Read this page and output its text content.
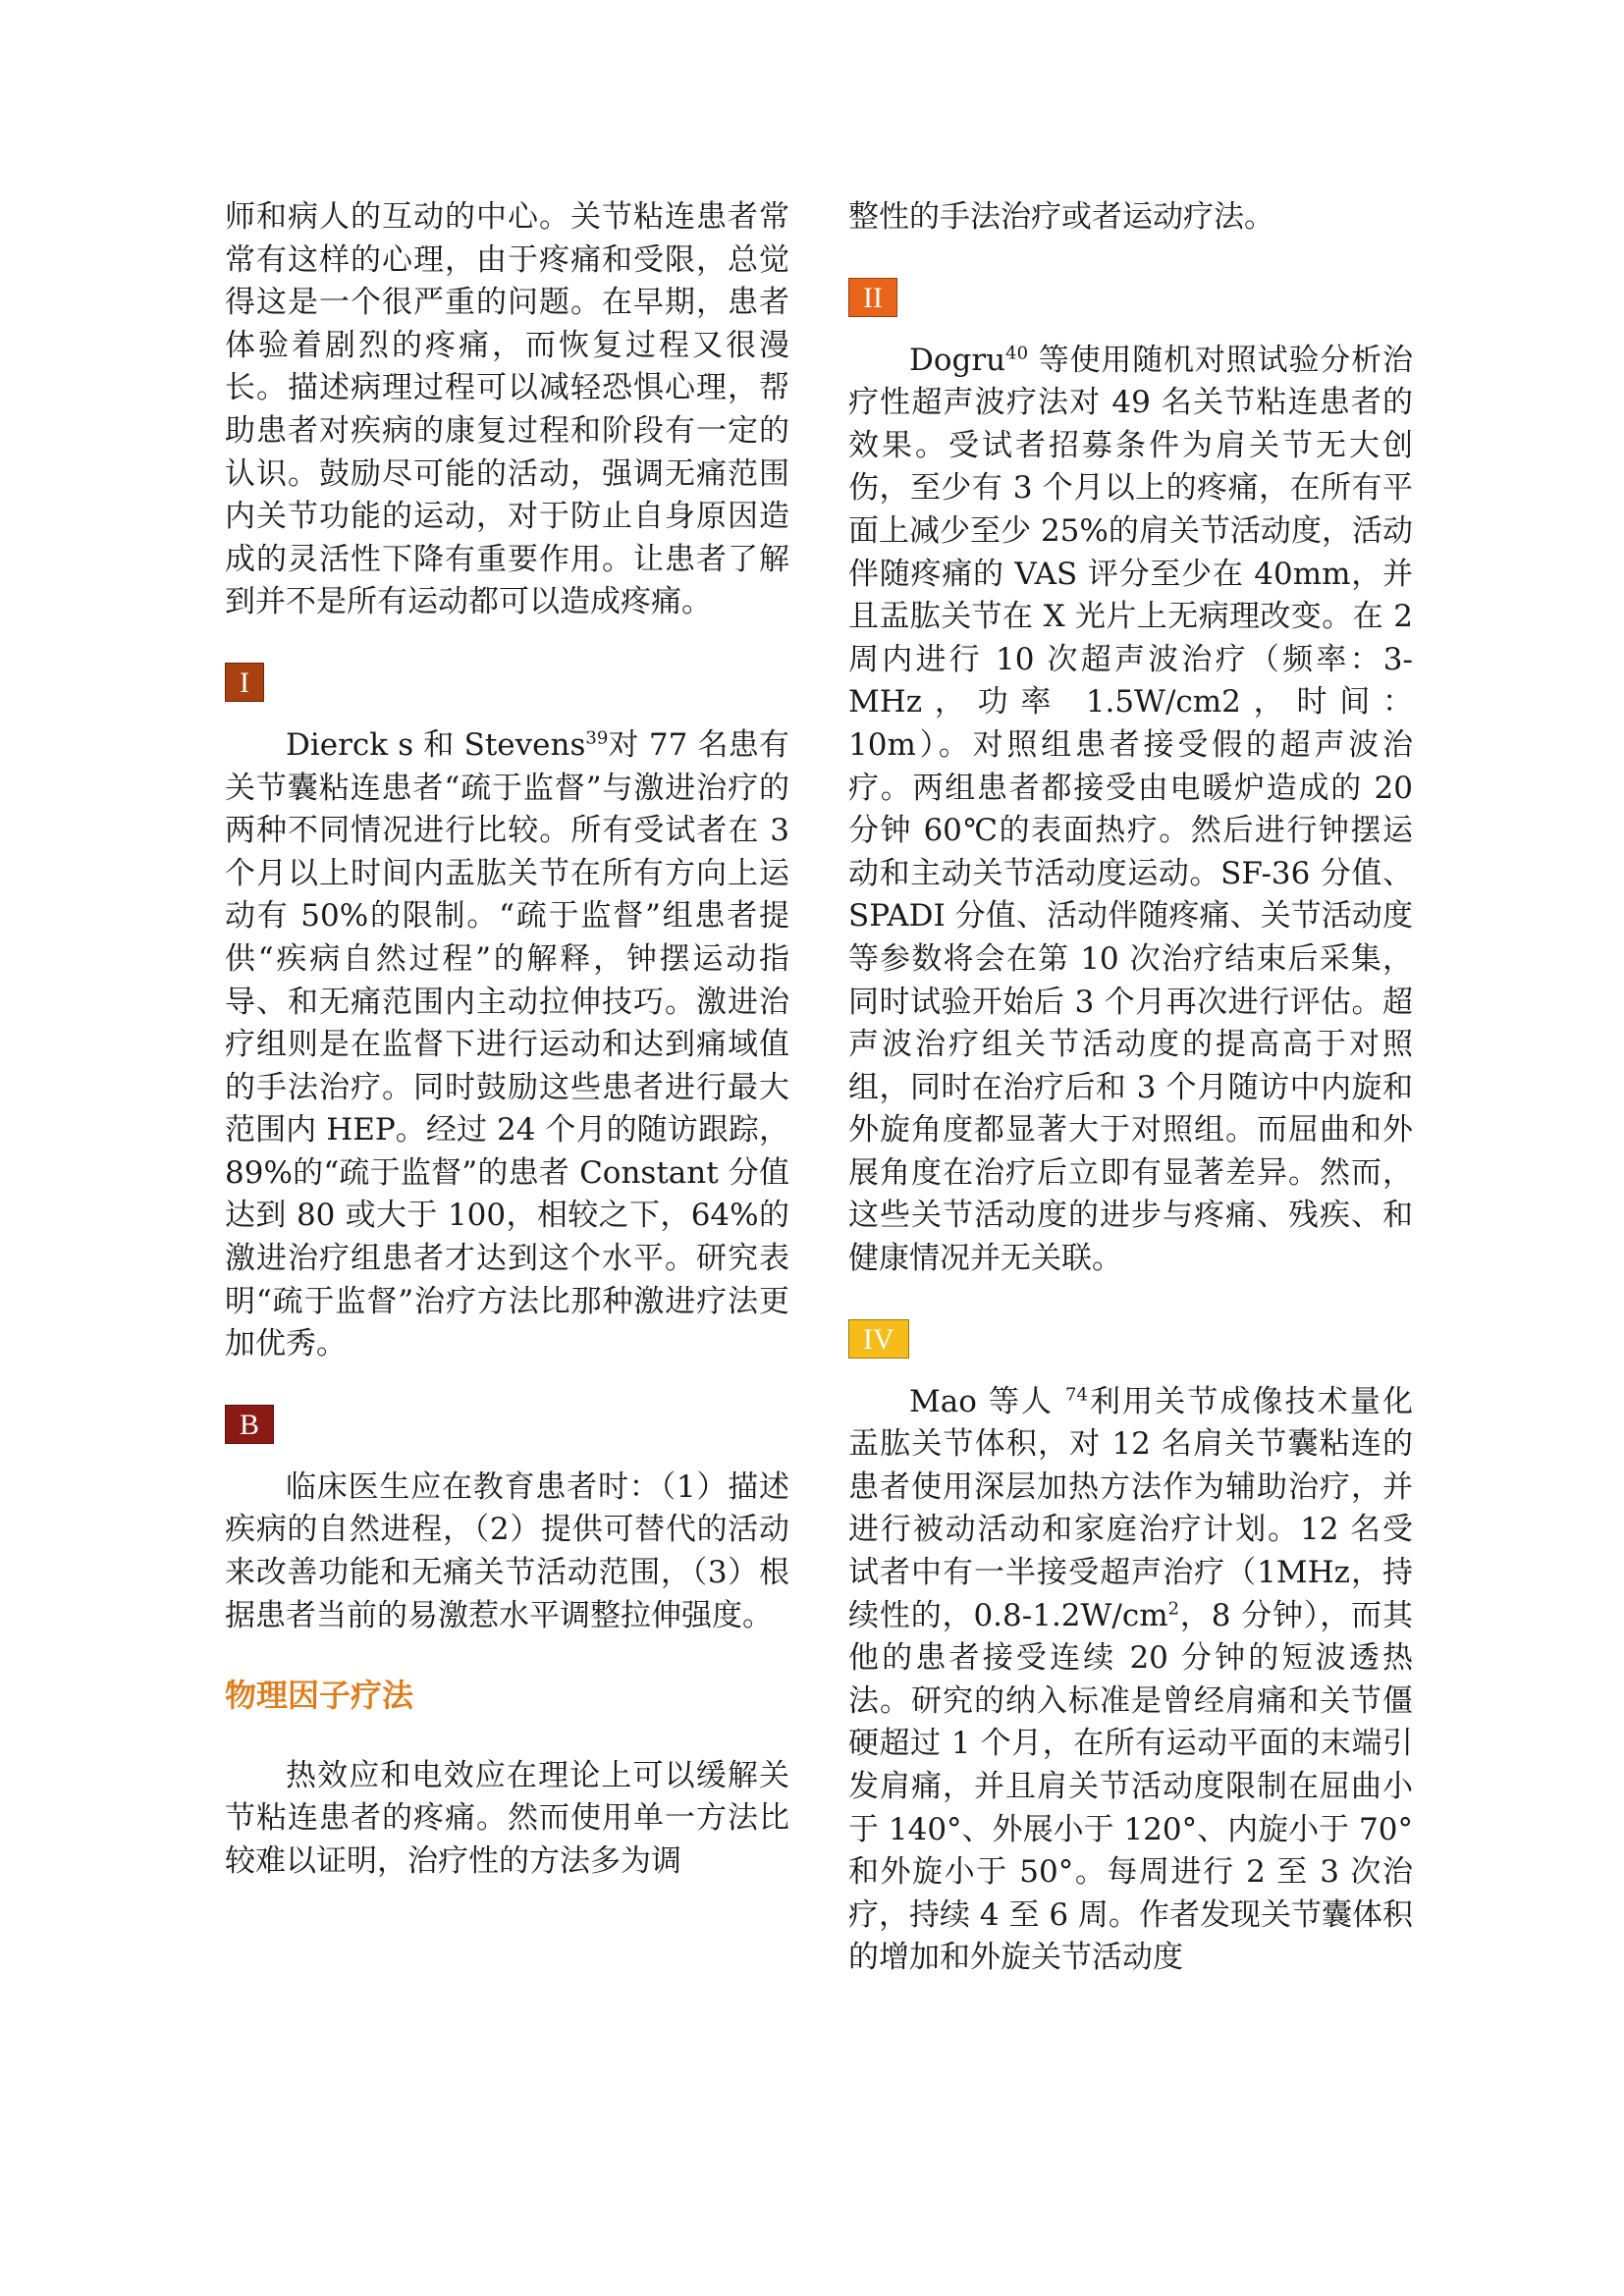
师和病人的互动的中心。关节粘连患者常常有这样的心理，由于疼痛和受限，总觉得这是一个很严重的问题。在早期，患者体验着剧烈的疼痛，而恢复过程又很漫长。描述病理过程可以减轻恐惧心理，帮助患者对疾病的康复过程和阶段有一定的认识。鼓励尽可能的活动，强调无痛范围内关节功能的运动，对于防止自身原因造成的灵活性下降有重要作用。让患者了解到并不是所有运动都可以造成疼痛。

I

Dierck s 和 Stevens$^{39}$对 77 名患有关节囊粘连患者“疏于监督”与激进治疗的两种不同情况进行比较。所有受试者在 3 个月以上时间内盂肱关节在所有方向上运动有 50%的限制。“疏于监督”组患者提供“疾病自然过程”的解释，钟摆运动指导、和无痛范围内主动拉伸技巧。激进治疗组则是在监督下进行运动和达到痛域值的手法治疗。同时鼓励这些患者进行最大范围内 HEP。经过 24 个月的随访跟踪，89%的“疏于监督”的患者 Constant 分值达到 80 或大于 100，相较之下，64%的激进治疗组患者才达到这个水平。研究表明“疏于监督”治疗方法比那种激进疗法更加优秀。

B

临床医生应在教育患者时：（1）描述疾病的自然进程，（2）提供可替代的活动来改善功能和无痛关节活动范围，（3）根据患者当前的易激惹水平调整拉伸强度。

物理因子疗法

热效应和电效应在理论上可以缓解关节粘连患者的疼痛。然而使用单一方法比较难以证明，治疗性的方法多为调

整性的手法治疗或者运动疗法。

II

Dogru$^{40}$ 等使用随机对照试验分析治疗性超声波疗法对 49 名关节粘连患者的效果。受试者招募条件为肩关节无大创伤，至少有 3 个月以上的疼痛，在所有平面上减少至少 25%的肩关节活动度，活动伴随疼痛的 VAS 评分至少在 40mm，并且盂肱关节在 X 光片上无病理改变。在 2 周内进行 10 次超声波治疗（频率：3-MHz，功率 1.5W/cm2，时间：10m）。对照组患者接受假的超声波治疗。两组患者都接受由电暖炉造成的 20 分钟 60℃的表面热疗。然后进行钟摆运动和主动关节活动度运动。SF-36 分值、SPADI 分值、活动伴随疼痛、关节活动度等参数将会在第 10 次治疗结束后采集，同时试验开始后 3 个月再次进行评估。超声波治疗组关节活动度的提高高于对照组，同时在治疗后和 3 个月随访中内旋和外旋角度都显著大于对照组。而屈曲和外展角度在治疗后立即有显著差异。然而，这些关节活动度的进步与疼痛、残疾、和健康情况并无关联。

IV

Mao 等人 $^{74}$利用关节成像技术量化盂肱关节体积，对 12 名肩关节囊粘连的患者使用深层加热方法作为辅助治疗，并进行被动活动和家庭治疗计划。12 名受试者中有一半接受超声治疗（1MHz，持续性的，$0.8-1.2W/cm^2$，8 分钟），而其他的患者接受连续 20 分钟的短波透热法。研究的纳入标准是曾经肩痛和关节僵硬超过 1 个月，在所有运动平面的末端引发肩痛，并且肩关节活动度限制在屈曲小于 140°、外展小于 120°、内旋小于 70°和外旋小于 50°。每周进行 2 至 3 次治疗，持续 4 至 6 周。作者发现关节囊体积的增加和外旋关节活动度
